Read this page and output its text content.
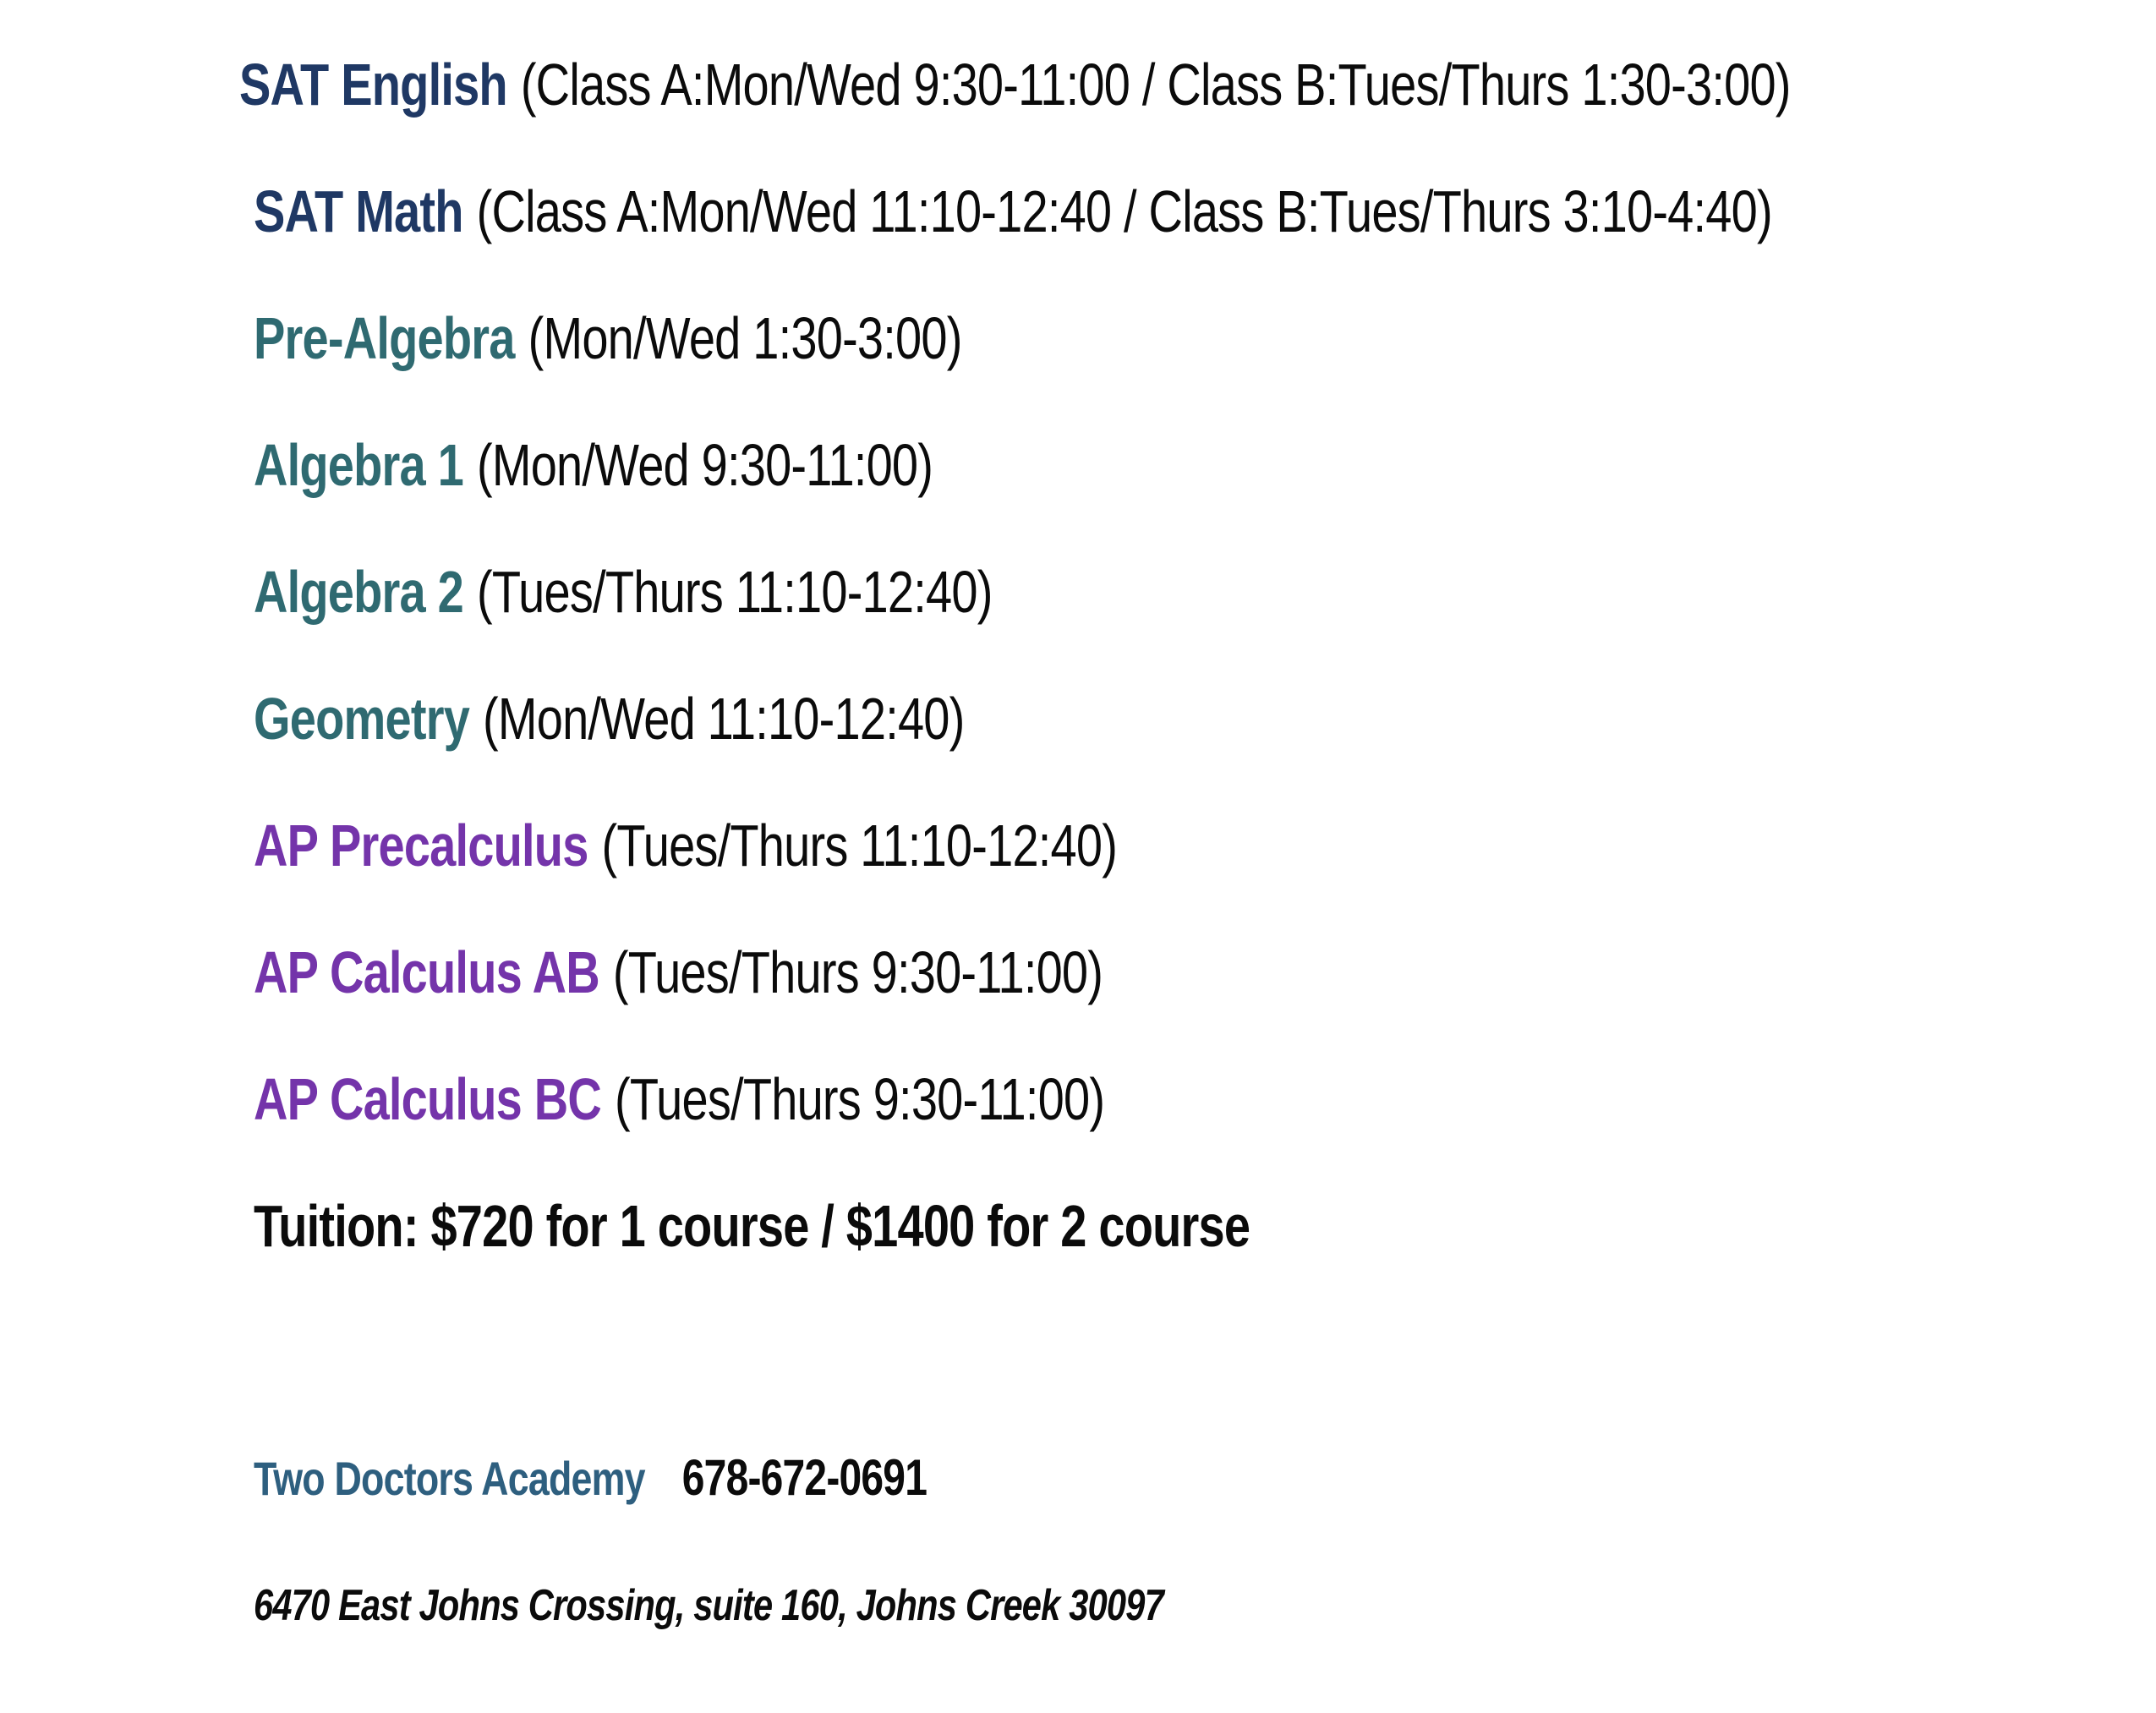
SAT English (Class A:Mon/Wed 9:30-11:00 / Class B:Tues/Thurs 1:30-3:00)
SAT Math (Class A:Mon/Wed 11:10-12:40 / Class B:Tues/Thurs 3:10-4:40)
Pre-Algebra (Mon/Wed 1:30-3:00)
Algebra 1 (Mon/Wed 9:30-11:00)
Algebra 2 (Tues/Thurs 11:10-12:40)
Geometry (Mon/Wed 11:10-12:40)
AP Precalculus (Tues/Thurs 11:10-12:40)
AP Calculus AB (Tues/Thurs 9:30-11:00)
AP Calculus BC (Tues/Thurs 9:30-11:00)
Tuition: $720 for 1 course / $1400 for 2 course
Two Doctors Academy 678-672-0691
6470 East Johns Crossing, suite 160, Johns Creek 30097
